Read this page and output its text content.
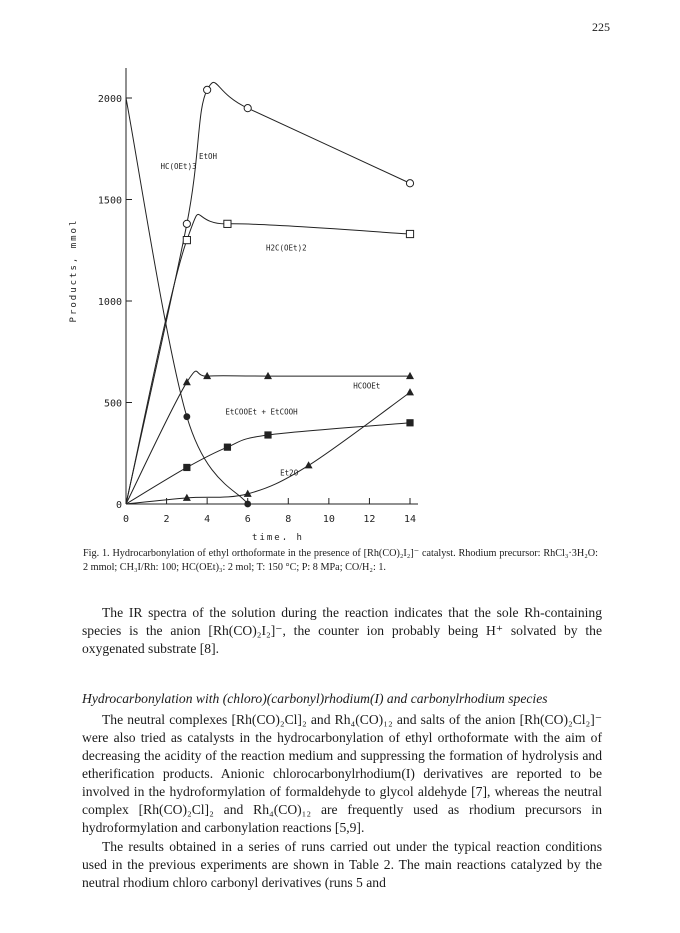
225
500
1000
1500
2000
0
0	2	4	6	8	10	12	14
time, h
Products, mmol
EtOH
HC(OEt)3
H2C(OEt)2
HCOOEt
EtCOOEt + EtCOOH
Et2O
Fig. 1. Hydrocarbonylation of ethyl orthoformate in the presence of [Rh(CO)₂I₂]⁻ catalyst. Rhodium precursor: RhCl₃·3H₂O: 2 mmol; CH₃I/Rh: 100; HC(OEt)₃: 2 mol; T: 150 °C; P: 8 MPa; CO/H₂: 1.
The IR spectra of the solution during the reaction indicates that the sole Rh-containing species is the anion [Rh(CO)₂I₂]⁻, the counter ion probably being H⁺ solvated by the oxygenated substrate [8].
Hydrocarbonylation with (chloro)(carbonyl)rhodium(I) and carbonylrhodium species
The neutral complexes [Rh(CO)₂Cl]₂ and Rh₄(CO)₁₂ and salts of the anion [Rh(CO)₂Cl₂]⁻ were also tried as catalysts in the hydrocarbonylation of ethyl orthoformate with the aim of decreasing the acidity of the reaction medium and suppressing the formation of hydrolysis and etherification products. Anionic chlorocarbonylrhodium(I) derivatives are reported to be involved in the hydroformylation of formaldehyde to glycol aldehyde [7], whereas the neutral complex [Rh(CO)₂Cl]₂ and Rh₄(CO)₁₂ are frequently used as rhodium precursors in hydroformylation and carbonylation reactions [5,9].
The results obtained in a series of runs carried out under the typical reaction conditions used in the previous experiments are shown in Table 2. The main reactions catalyzed by the neutral rhodium chloro carbonyl derivatives (runs 5 and
